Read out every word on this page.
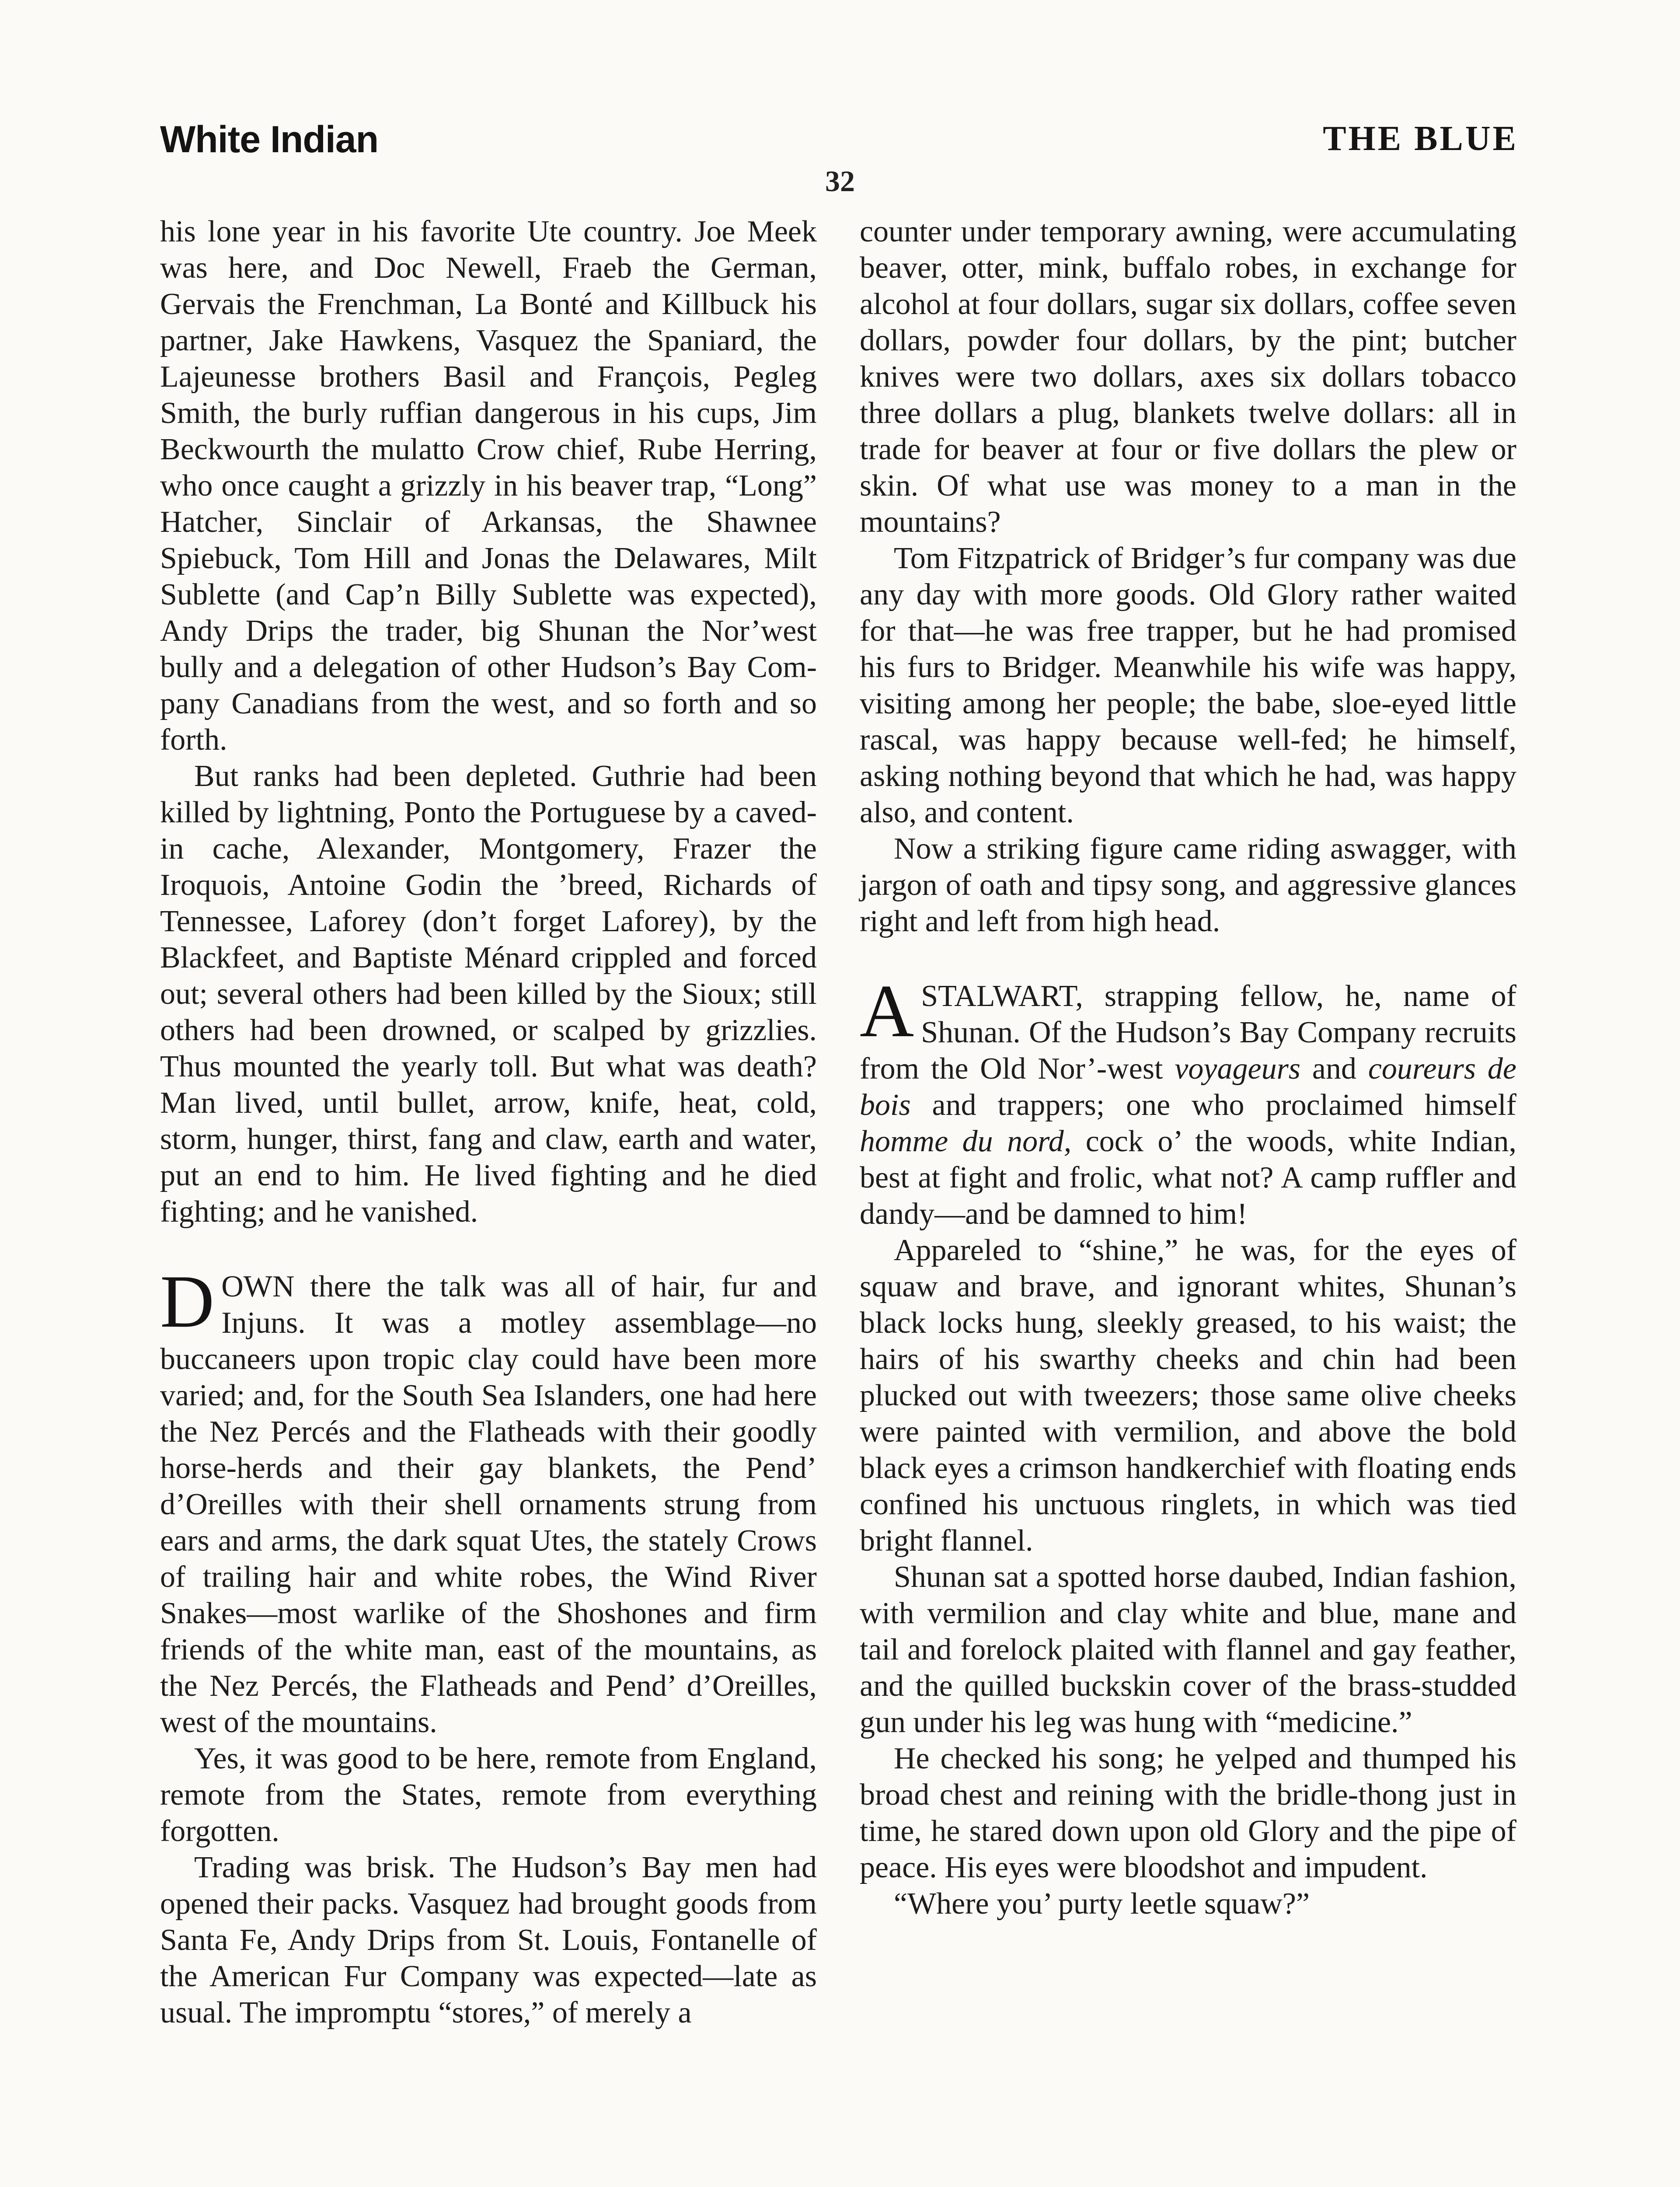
White Indian	THE BLUE
32

his lone year in his favorite Ute country. Joe Meek was here, and Doc Newell, Fraeb the German, Gervais the Frenchman, La Bonté and Killbuck his partner, Jake Hawkens, Vasquez the Spaniard, the Lajeunesse brothers Basil and François, Pegleg Smith, the burly ruffian dangerous in his cups, Jim Beckwourth the mulatto Crow chief, Rube Herring, who once caught a grizzly in his beaver trap, “Long” Hatcher, Sinclair of Arkansas, the Shawnee Spiebuck, Tom Hill and Jonas the Delawares, Milt Sublette (and Cap’n Billy Sublette was expected), Andy Drips the trader, big Shunan the Nor’west bully and a delegation of other Hudson’s Bay Company Canadians from the west, and so forth and so forth.

But ranks had been depleted. Guthrie had been killed by lightning, Ponto the Portuguese by a caved-in cache, Alexander, Montgomery, Frazer the Iroquois, Antoine Godin the ’breed, Richards of Tennessee, Laforey (don’t forget Laforey), by the Blackfeet, and Baptiste Ménard crippled and forced out; several others had been killed by the Sioux; still others had been drowned, or scalped by grizzlies. Thus mounted the yearly toll. But what was death? Man lived, until bullet, arrow, knife, heat, cold, storm, hunger, thirst, fang and claw, earth and water, put an end to him. He lived fighting and he died fighting; and he vanished.

DOWN there the talk was all of hair, fur and Injuns. It was a motley assemblage—no buccaneers upon tropic clay could have been more varied; and, for the South Sea Islanders, one had here the Nez Percés and the Flatheads with their goodly horse-herds and their gay blankets, the Pend’ d’Oreilles with their shell ornaments strung from ears and arms, the dark squat Utes, the stately Crows of trailing hair and white robes, the Wind River Snakes—most warlike of the Shoshones and firm friends of the white man, east of the mountains, as the Nez Percés, the Flatheads and Pend’ d’Oreilles, west of the mountains.

Yes, it was good to be here, remote from England, remote from the States, remote from everything forgotten.

Trading was brisk. The Hudson’s Bay men had opened their packs. Vasquez had brought goods from Santa Fe, Andy Drips from St. Louis, Fontanelle of the American Fur Company was expected—late as usual. The impromptu “stores,” of merely a

counter under temporary awning, were accumulating beaver, otter, mink, buffalo robes, in exchange for alcohol at four dollars, sugar six dollars, coffee seven dollars, powder four dollars, by the pint; butcher knives were two dollars, axes six dollars tobacco three dollars a plug, blankets twelve dollars: all in trade for beaver at four or five dollars the plew or skin. Of what use was money to a man in the mountains?

Tom Fitzpatrick of Bridger’s fur company was due any day with more goods. Old Glory rather waited for that—he was free trapper, but he had promised his furs to Bridger. Meanwhile his wife was happy, visiting among her people; the babe, sloe-eyed little rascal, was happy because well-fed; he himself, asking nothing beyond that which he had, was happy also, and content.

Now a striking figure came riding aswagger, with jargon of oath and tipsy song, and aggressive glances right and left from high head.

ASTALWART, strapping fellow, he, name of Shunan. Of the Hudson’s Bay Company recruits from the Old Nor’-west voyageurs and coureurs de bois and trappers; one who proclaimed himself homme du nord, cock o’ the woods, white Indian, best at fight and frolic, what not? A camp ruffler and dandy—and be damned to him!

Appareled to “shine,” he was, for the eyes of squaw and brave, and ignorant whites, Shunan’s black locks hung, sleekly greased, to his waist; the hairs of his swarthy cheeks and chin had been plucked out with tweezers; those same olive cheeks were painted with vermilion, and above the bold black eyes a crimson handkerchief with floating ends confined his unctuous ringlets, in which was tied bright flannel.

Shunan sat a spotted horse daubed, Indian fashion, with vermilion and clay white and blue, mane and tail and forelock plaited with flannel and gay feather, and the quilled buckskin cover of the brass-studded gun under his leg was hung with “medicine.”

He checked his song; he yelped and thumped his broad chest and reining with the bridle-thong just in time, he stared down upon old Glory and the pipe of peace. His eyes were bloodshot and impudent.

“Where you’ purty leetle squaw?”
